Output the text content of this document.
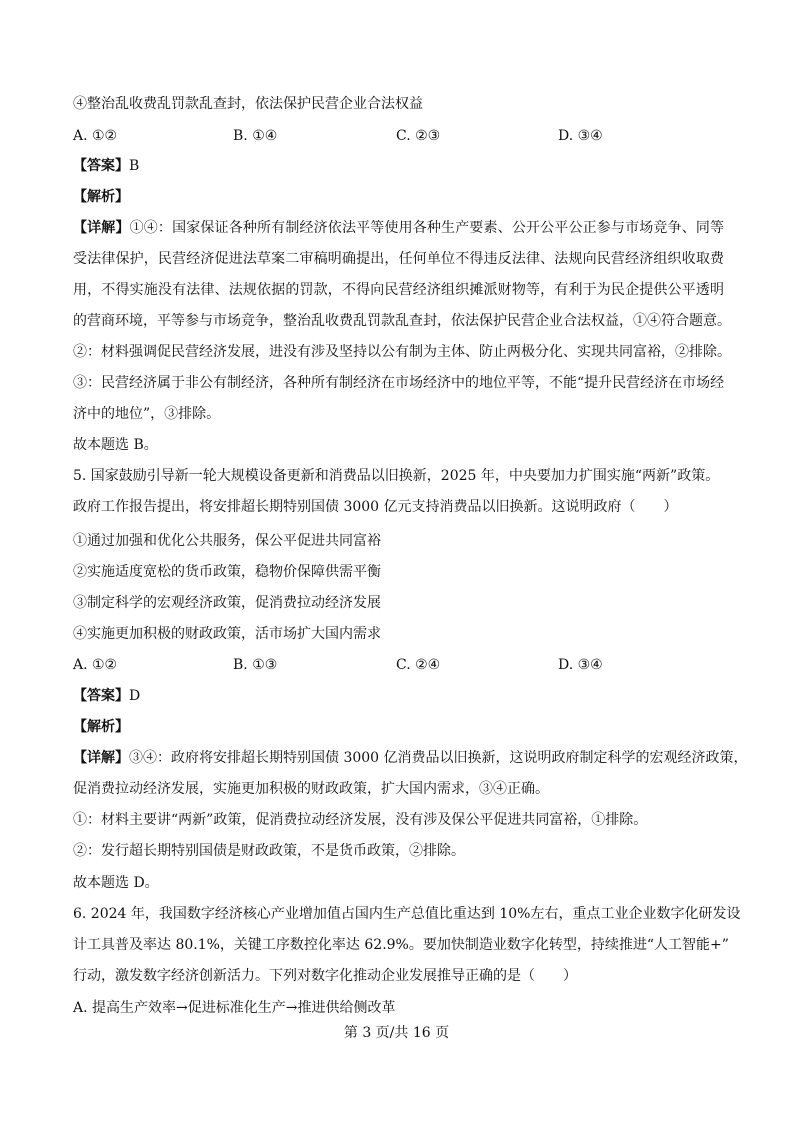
④整治乱收费乱罚款乱查封，依法保护民营企业合法权益
A. ①②	B. ①④	C. ②③	D. ③④
【答案】B
【解析】
【详解】①④：国家保证各种所有制经济依法平等使用各种生产要素、公开公平公正参与市场竞争、同等
受法律保护，民营经济促进法草案二审稿明确提出，任何单位不得违反法律、法规向民营经济组织收取费
用，不得实施没有法律、法规依据的罚款，不得向民营经济组织摊派财物等，有利于为民企提供公平透明
的营商环境，平等参与市场竞争，整治乱收费乱罚款乱查封，依法保护民营企业合法权益，①④符合题意。
②：材料强调促民营经济发展，进没有涉及坚持以公有制为主体、防止两极分化、实现共同富裕，②排除。
③：民营经济属于非公有制经济，各种所有制经济在市场经济中的地位平等，不能“提升民营经济在市场经
济中的地位”，③排除。
故本题选 B。
5. 国家鼓励引导新一轮大规模设备更新和消费品以旧换新，2025 年，中央要加力扩围实施“两新”政策。
政府工作报告提出，将安排超长期特别国债 3000 亿元支持消费品以旧换新。这说明政府（　　）
①通过加强和优化公共服务，保公平促进共同富裕
②实施适度宽松的货币政策，稳物价保障供需平衡
③制定科学的宏观经济政策，促消费拉动经济发展
④实施更加积极的财政政策，活市场扩大国内需求
A. ①②	B. ①③	C. ②④	D. ③④
【答案】D
【解析】
【详解】③④：政府将安排超长期特别国债 3000 亿消费品以旧换新，这说明政府制定科学的宏观经济政策，
促消费拉动经济发展，实施更加积极的财政政策，扩大国内需求，③④正确。
①：材料主要讲“两新”政策，促消费拉动经济发展，没有涉及保公平促进共同富裕，①排除。
②：发行超长期特别国债是财政政策，不是货币政策，②排除。
故本题选 D。
6. 2024 年，我国数字经济核心产业增加值占国内生产总值比重达到 10%左右，重点工业企业数字化研发设
计工具普及率达 80.1%，关键工序数控化率达 62.9%。要加快制造业数字化转型，持续推进“人工智能+”
行动，激发数字经济创新活力。下列对数字化推动企业发展推导正确的是（　　）
A. 提高生产效率→促进标准化生产→推进供给侧改革
第 3 页/共 16 页
